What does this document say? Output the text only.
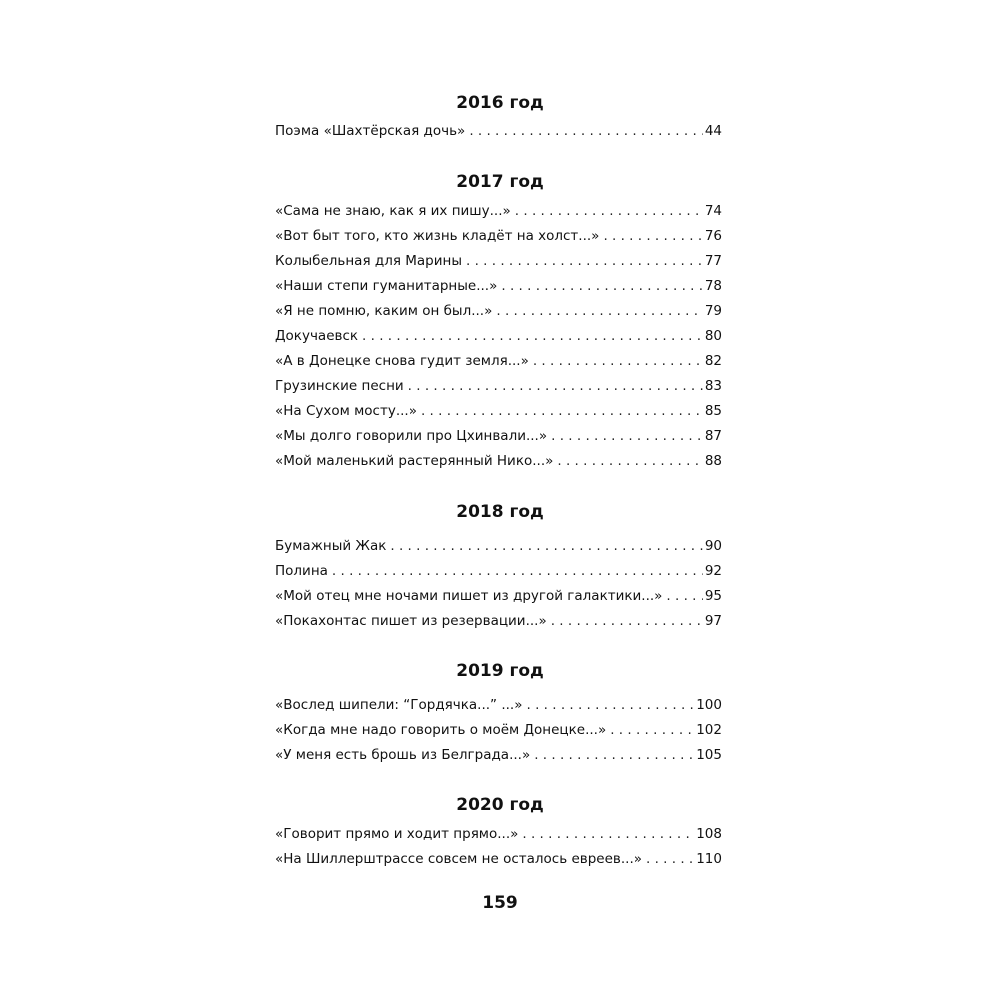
2016 год
Поэма «Шахтёрская дочь» . . .	44
2017 год
«Сама не знаю, как я их пишу...» . . .	74
«Вот быт того, кто жизнь кладёт на холст...» . . .	76
Колыбельная для Марины . . .	77
«Наши степи гуманитарные...» . . .	78
«Я не помню, каким он был...» . . .	79
Докучаевск . . .	80
«А в Донецке снова гудит земля...» . . .	82
Грузинские песни . . .	83
«На Сухом мосту...» . . .	85
«Мы долго говорили про Цхинвали...» . . .	87
«Мой маленький растерянный Нико...» . . .	88
2018 год
Бумажный Жак . . .	90
Полина . . .	92
«Мой отец мне ночами пишет из другой галактики...» . . .	95
«Покахонтас пишет из резервации...» . . .	97
2019 год
«Вослед шипели: “Гордячка...” ...» . . .	100
«Когда мне надо говорить о моём Донецке...» . . .	102
«У меня есть брошь из Белграда...» . . .	105
2020 год
«Говорит прямо и ходит прямо...» . . .	108
«На Шиллерштрассе совсем не осталось евреев...» . . .	110
159
